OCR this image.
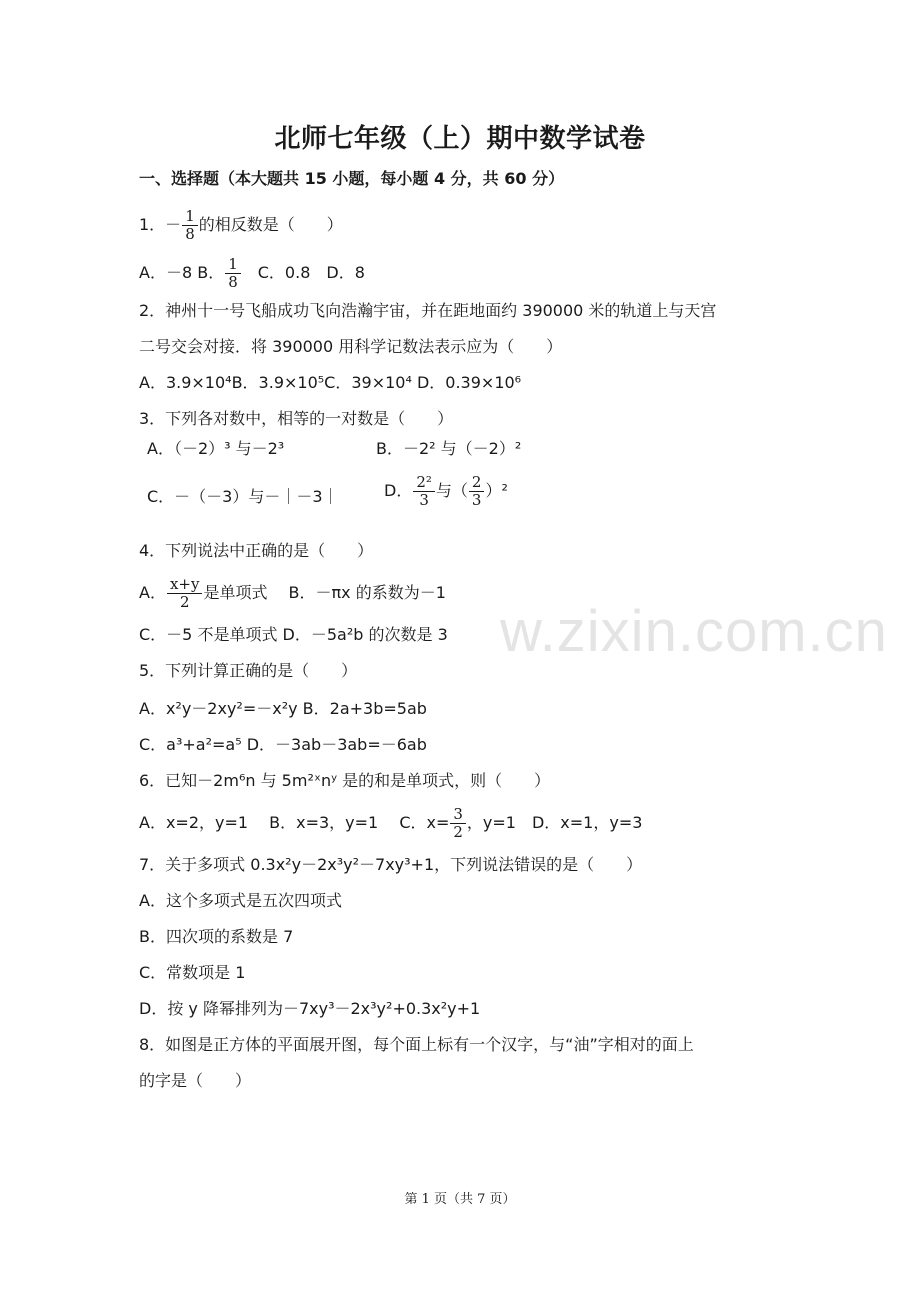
北师七年级（上）期中数学试卷
一、选择题（本大题共 15 小题，每小题 4 分，共 60 分）
1．－ $\frac{1}{8}$ 的相反数是（　　）
A．－8 B． $\frac{1}{8}$ 　C．0.8　D．8
2．神州十一号飞船成功飞向浩瀚宇宙，并在距地面约 390000 米的轨道上与天宫
二号交会对接．将 390000 用科学记数法表示应为（　　）
A．3.9×10⁴B．3.9×10⁵C．39×10⁴ D．0.39×10⁶
3．下列各对数中，相等的一对数是（　　）
A．（－2）³ 与－2³	B．－2² 与（－2）²
C．－（－3）与－｜－3｜	D． $\frac{\text{2²}}{3}$ 与（ $\frac{2}{3} )^2$
4．下列说法中正确的是（　　）
A． $\frac{x+y}{2}$ 是单项式　 B．－πx 的系数为－1
C．－5 不是单项式 D．－5a²b 的次数是 3
5．下列计算正确的是（　　）
A．x²y－2xy²=－x²y B．2a+3b=5ab
C．a³+a²=a⁵ D．－3ab－3ab=－6ab
6．已知－2m⁶n 与 5m²ˣnʸ 是的和是单项式，则（　　）
A．x=2，y=1　 B．x=3，y=1　 C．$x= \frac{3}{2}$ ，y=1　D．x=1，y=3
7．关于多项式 0.3x²y－2x³y²－7xy³+1，下列说法错误的是（　　）
A．这个多项式是五次四项式
B．四次项的系数是 7
C．常数项是 1
D．按 y 降幂排列为－7xy³－2x³y²+0.3x²y+1
8．如图是正方体的平面展开图，每个面上标有一个汉字，与“油”字相对的面上
的字是（　　）
w.zixin.com.cn
第 1 页（共 7 页）
